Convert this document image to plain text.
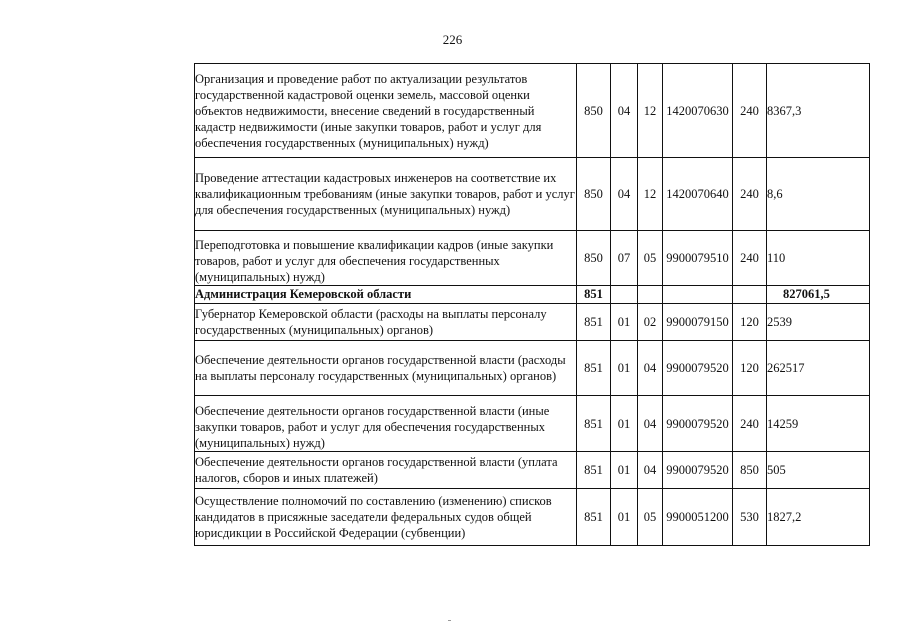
226
Организация и проведение работ по актуализации результатов государственной кадастровой оценки земель, массовой оценки объектов недвижимости, внесение сведений в государственный кадастр недвижимости (иные закупки товаров, работ и услуг для обеспечения государственных (муниципальных) нужд)	850	04	12	1420070630	240	8367,3
Проведение аттестации кадастровых инженеров на соответствие их квалификационным требованиям (иные закупки товаров, работ и услуг для обеспечения государственных (муниципальных) нужд)	850	04	12	1420070640	240	8,6
Переподготовка и повышение квалификации кадров (иные закупки товаров, работ и услуг для обеспечения государственных (муниципальных) нужд)	850	07	05	9900079510	240	110
Администрация Кемеровской области	851					827061,5
Губернатор Кемеровской области (расходы на выплаты персоналу государственных (муниципальных) органов)	851	01	02	9900079150	120	2539
Обеспечение деятельности органов государственной власти (расходы на выплаты персоналу государственных (муниципальных) органов)	851	01	04	9900079520	120	262517
Обеспечение деятельности органов государственной власти (иные закупки товаров, работ и услуг для обеспечения государственных (муниципальных) нужд)	851	01	04	9900079520	240	14259
Обеспечение деятельности органов государственной власти (уплата налогов, сборов и иных платежей)	851	01	04	9900079520	850	505
Осуществление полномочий по составлению (изменению) списков кандидатов в присяжные заседатели федеральных судов общей юрисдикции в Российской Федерации (субвенции)	851	01	05	9900051200	530	1827,2
